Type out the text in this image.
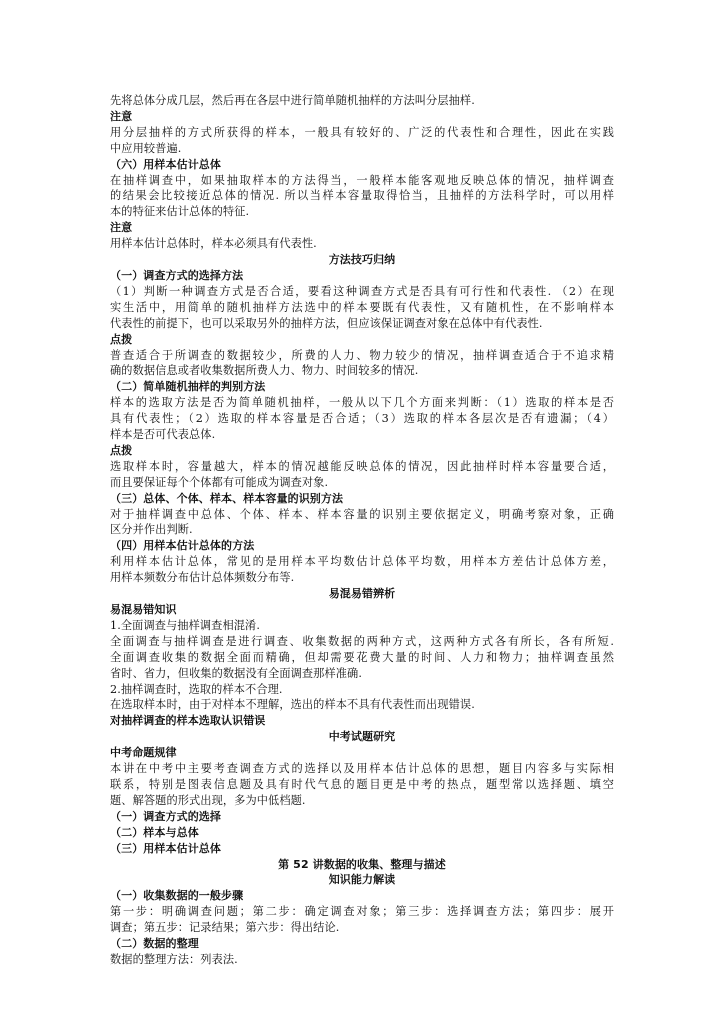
先将总体分成几层，然后再在各层中进行简单随机抽样的方法叫分层抽样.
注意
用分层抽样的方式所获得的样本，一般具有较好的、广泛的代表性和合理性，因此在实践
中应用较普遍.
（六）用样本估计总体
在抽样调查中，如果抽取样本的方法得当，一般样本能客观地反映总体的情况，抽样调查
的结果会比较接近总体的情况. 所以当样本容量取得恰当，且抽样的方法科学时，可以用样
本的特征来估计总体的特征.
注意
用样本估计总体时，样本必须具有代表性.
方法技巧归纳
（一）调查方式的选择方法
（1）判断一种调查方式是否合适，要看这种调查方式是否具有可行性和代表性. （2）在现
实生活中，用简单的随机抽样方法选中的样本要既有代表性，又有随机性，在不影响样本
代表性的前提下，也可以采取另外的抽样方法，但应该保证调查对象在总体中有代表性.
点拨
普查适合于所调查的数据较少，所费的人力、物力较少的情况，抽样调查适合于不追求精
确的数据信息或者收集数据所费人力、物力、时间较多的情况.
（二）简单随机抽样的判别方法
样本的选取方法是否为简单随机抽样，一般从以下几个方面来判断：（1）选取的样本是否
具有代表性；（2）选取的样本容量是否合适；（3）选取的样本各层次是否有遗漏；（4）
样本是否可代表总体.
点拨
选取样本时，容量越大，样本的情况越能反映总体的情况，因此抽样时样本容量要合适，
而且要保证每个个体都有可能成为调查对象.
（三）总体、个体、样本、样本容量的识别方法
对于抽样调查中总体、个体、样本、样本容量的识别主要依据定义，明确考察对象，正确
区分并作出判断.
（四）用样本估计总体的方法
利用样本估计总体，常见的是用样本平均数估计总体平均数，用样本方差估计总体方差，
用样本频数分布估计总体频数分布等.
易混易错辨析
易混易错知识
1.全面调查与抽样调查相混淆.
全面调查与抽样调查是进行调查、收集数据的两种方式，这两种方式各有所长，各有所短.
全面调查收集的数据全面而精确，但却需要花费大量的时间、人力和物力；抽样调查虽然
省时、省力，但收集的数据没有全面调查那样准确.
2.抽样调查时，选取的样本不合理.
在选取样本时，由于对样本不理解，选出的样本不具有代表性而出现错误.
对抽样调查的样本选取认识错误
中考试题研究
中考命题规律
本讲在中考中主要考查调查方式的选择以及用样本估计总体的思想，题目内容多与实际相
联系，特别是图表信息题及具有时代气息的题目更是中考的热点，题型常以选择题、填空
题、解答题的形式出现，多为中低档题.
（一）调查方式的选择
（二）样本与总体
（三）用样本估计总体
第 52 讲数据的收集、整理与描述
知识能力解读
（一）收集数据的一般步骤
第一步：明确调查问题；第二步：确定调查对象；第三步：选择调查方法；第四步：展开
调查；第五步：记录结果；第六步：得出结论.
（二）数据的整理
数据的整理方法：列表法.
